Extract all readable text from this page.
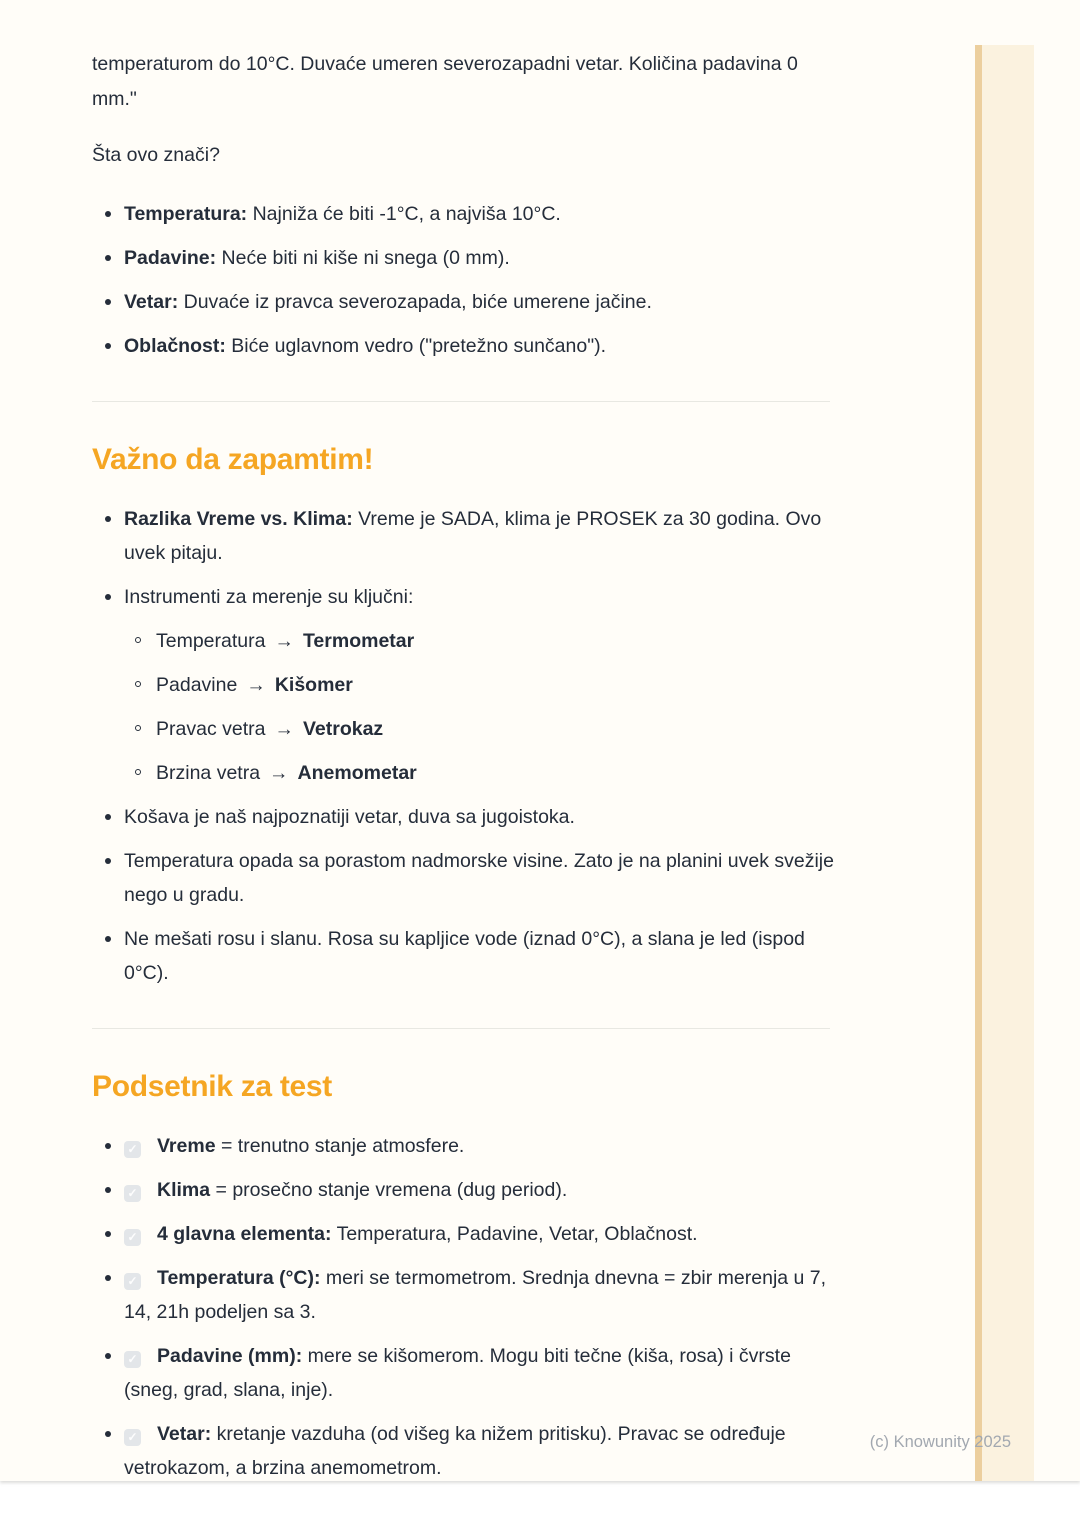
temperaturom do 10°C. Duvaće umeren severozapadni vetar. Količina padavina 0 mm."

Šta ovo znači?

Temperatura: Najniža će biti -1°C, a najviša 10°C.
Padavine: Neće biti ni kiše ni snega (0 mm).
Vetar: Duvaće iz pravca severozapada, biće umerene jačine.
Oblačnost: Biće uglavnom vedro ("pretežno sunčano").
Važno da zapamtim!
Razlika Vreme vs. Klima: Vreme je SADA, klima je PROSEK za 30 godina. Ovo uvek pitaju.
Instrumenti za merenje su ključni:
Temperatura → Termometar
Padavine → Kišomer
Pravac vetra → Vetrokaz
Brzina vetra → Anemometar
Košava je naš najpoznatiji vetar, duva sa jugoistoka.
Temperatura opada sa porastom nadmorske visine. Zato je na planini uvek svežije nego u gradu.
Ne mešati rosu i slanu. Rosa su kapljice vode (iznad 0°C), a slana je led (ispod 0°C).
Podsetnik za test
✓ Vreme = trenutno stanje atmosfere.
✓ Klima = prosečno stanje vremena (dug period).
✓ 4 glavna elementa: Temperatura, Padavine, Vetar, Oblačnost.
✓ Temperatura (°C): meri se termometrom. Srednja dnevna = zbir merenja u 7, 14, 21h podeljen sa 3.
✓ Padavine (mm): mere se kišomerom. Mogu biti tečne (kiša, rosa) i čvrste (sneg, grad, slana, inje).
✓ Vetar: kretanje vazduha (od višeg ka nižem pritisku). Pravac se određuje vetrokazom, a brzina anemometrom.
(c) Knowunity 2025
